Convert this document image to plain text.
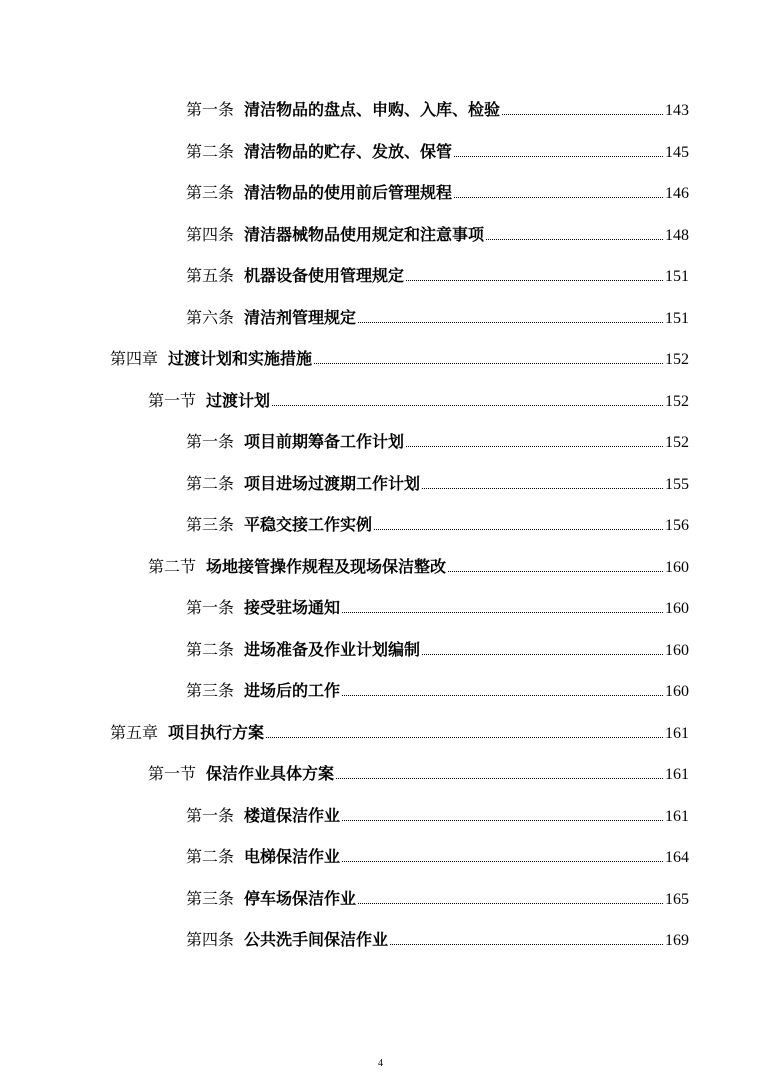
第一条 清洁物品的盘点、申购、入库、检验	143
第二条 清洁物品的贮存、发放、保管	145
第三条 清洁物品的使用前后管理规程	146
第四条 清洁器械物品使用规定和注意事项	148
第五条 机器设备使用管理规定	151
第六条 清洁剂管理规定	151
第四章 过渡计划和实施措施	152
第一节 过渡计划	152
第一条 项目前期筹备工作计划	152
第二条 项目进场过渡期工作计划	155
第三条 平稳交接工作实例	156
第二节 场地接管操作规程及现场保洁整改	160
第一条 接受驻场通知	160
第二条 进场准备及作业计划编制	160
第三条 进场后的工作	160
第五章 项目执行方案	161
第一节 保洁作业具体方案	161
第一条 楼道保洁作业	161
第二条 电梯保洁作业	164
第三条 停车场保洁作业	165
第四条 公共洗手间保洁作业	169
4
